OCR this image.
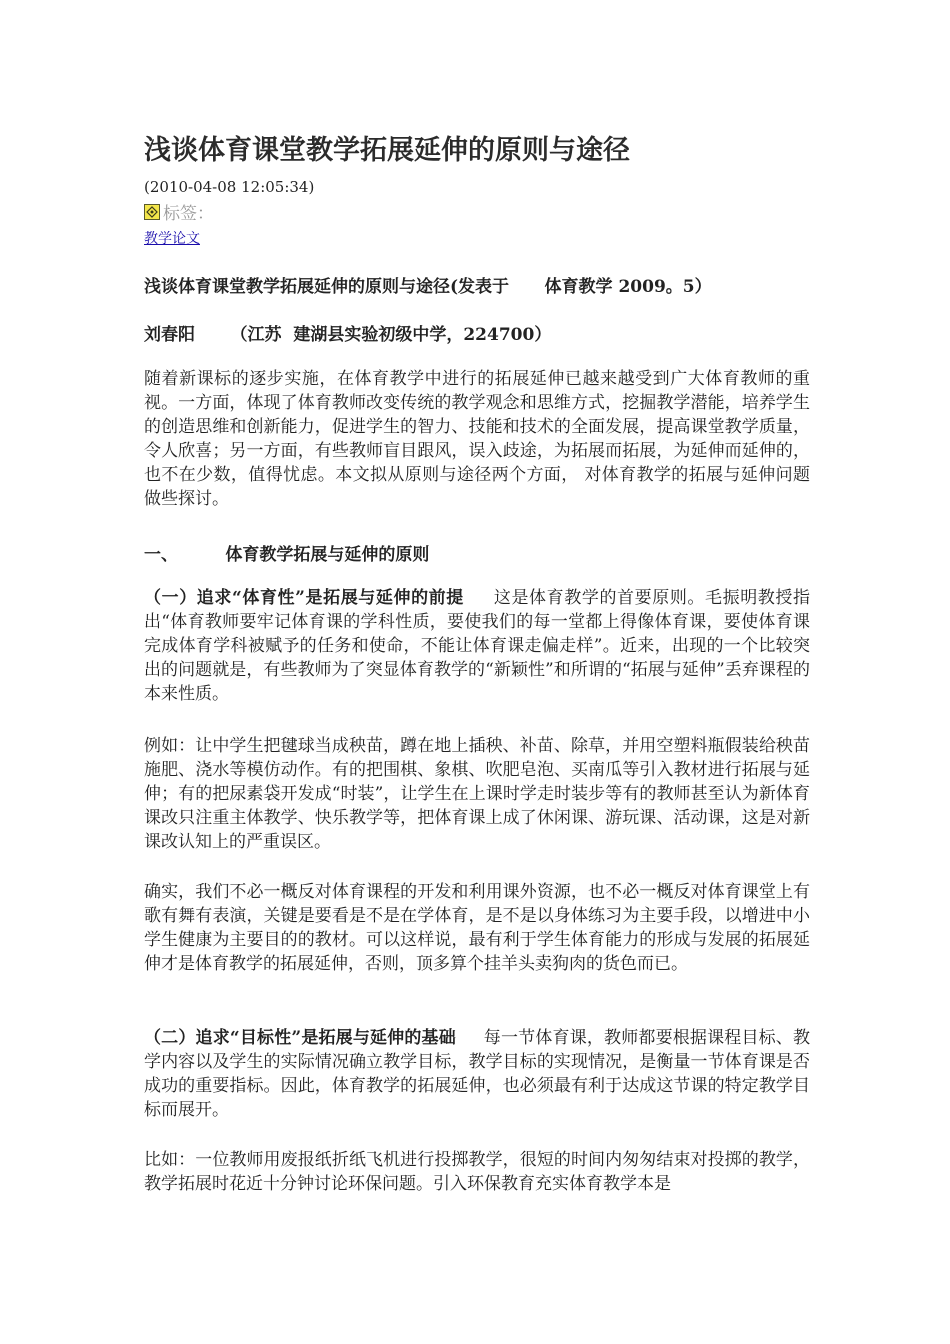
浅谈体育课堂教学拓展延伸的原则与途径
(2010-04-08 12:05:34)
标签：
教学论文
浅谈体育课堂教学拓展延伸的原则与途径(发表于      体育教学 2009。5）
刘春阳      （江苏  建湖县实验初级中学，224700）

随着新课标的逐步实施，在体育教学中进行的拓展延伸已越来越受到广大体育教师的重视。一方面，体现了体育教师改变传统的教学观念和思维方式，挖掘教学潜能，培养学生的创造思维和创新能力，促进学生的智力、技能和技术的全面发展，提高课堂教学质量，令人欣喜；另一方面，有些教师盲目跟风，误入歧途，为拓展而拓展，为延伸而延伸的，也不在少数，值得忧虑。本文拟从原则与途径两个方面， 对体育教学的拓展与延伸问题做些探讨。

一、        体育教学拓展与延伸的原则

（一）追求“体育性”是拓展与延伸的前提     这是体育教学的首要原则。毛振明教授指出“体育教师要牢记体育课的学科性质，要使我们的每一堂都上得像体育课，要使体育课完成体育学科被赋予的任务和使命，不能让体育课走偏走样”。近来，出现的一个比较突出的问题就是，有些教师为了突显体育教学的“新颖性”和所谓的“拓展与延伸”丢弃课程的本来性质。

例如：让中学生把毽球当成秧苗，蹲在地上插秧、补苗、除草，并用空塑料瓶假装给秧苗施肥、浇水等模仿动作。有的把围棋、象棋、吹肥皂泡、买南瓜等引入教材进行拓展与延伸；有的把尿素袋开发成“时装”，让学生在上课时学走时装步等有的教师甚至认为新体育课改只注重主体教学、快乐教学等，把体育课上成了休闲课、游玩课、活动课，这是对新课改认知上的严重误区。

确实，我们不必一概反对体育课程的开发和利用课外资源，也不必一概反对体育课堂上有歌有舞有表演，关键是要看是不是在学体育，是不是以身体练习为主要手段，以增进中小学生健康为主要目的的教材。可以这样说，最有利于学生体育能力的形成与发展的拓展延伸才是体育教学的拓展延伸，否则，顶多算个挂羊头卖狗肉的货色而已。

（二）追求“目标性”是拓展与延伸的基础     每一节体育课，教师都要根据课程目标、教学内容以及学生的实际情况确立教学目标，教学目标的实现情况，是衡量一节体育课是否成功的重要指标。因此，体育教学的拓展延伸，也必须最有利于达成这节课的特定教学目标而展开。

比如：一位教师用废报纸折纸飞机进行投掷教学，很短的时间内匆匆结束对投掷的教学，教学拓展时花近十分钟讨论环保问题。引入环保教育充实体育教学本是
